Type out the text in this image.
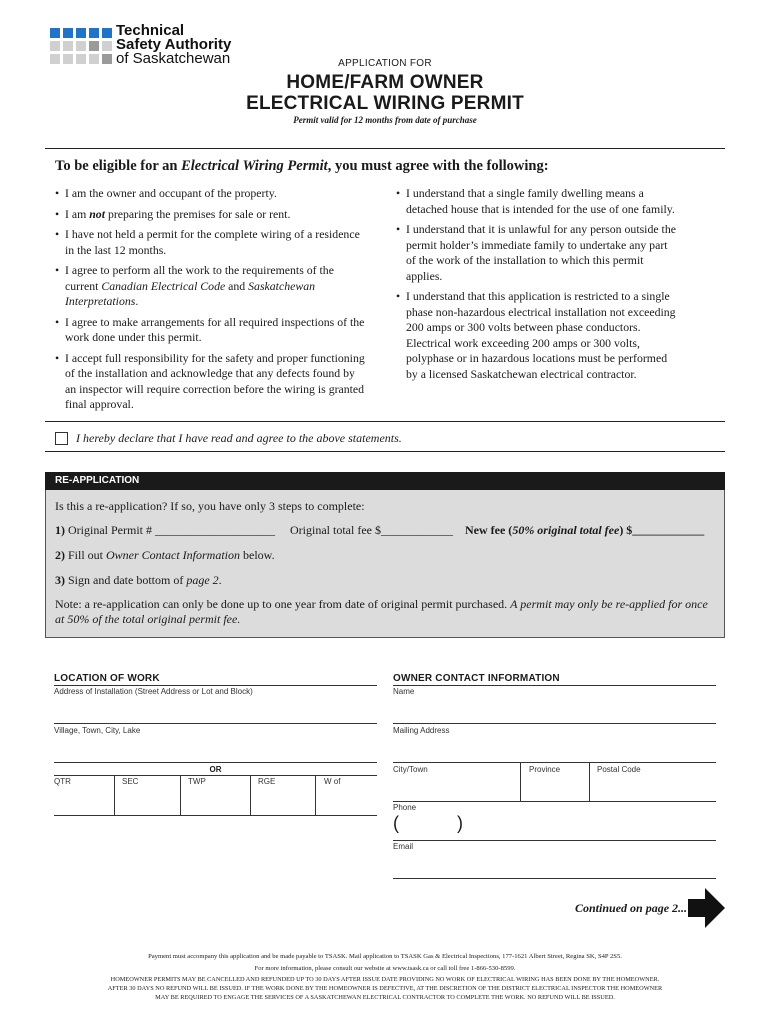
Technical
Safety Authority
of Saskatchewan	APPLICATION FOR
HOME/FARM OWNER
ELECTRICAL WIRING PERMIT
Permit valid for 12 months from date of purchase
To be eligible for an Electrical Wiring Permit, you must agree with the following:
• I am the owner and occupant of the property.
• I am not preparing the premises for sale or rent.
• I have not held a permit for the complete wiring of a residence in the last 12 months.
• I agree to perform all the work to the requirements of the current Canadian Electrical Code and Saskatchewan Interpretations.
• I agree to make arrangements for all required inspections of the work done under this permit.
• I accept full responsibility for the safety and proper functioning of the installation and acknowledge that any defects found by an inspector will require correction before the wiring is granted final approval.
• I understand that a single family dwelling means a detached house that is intended for the use of one family.
• I understand that it is unlawful for any person outside the permit holder’s immediate family to undertake any part of the work of the installation to which this permit applies.
• I understand that this application is restricted to a single phase non-hazardous electrical installation not exceeding 200 amps or 300 volts between phase conductors. Electrical work exceeding 200 amps or 300 volts, polyphase or in hazardous locations must be performed by a licensed Saskatchewan electrical contractor.
I hereby declare that I have read and agree to the above statements.
RE-APPLICATION
Is this a re-application? If so, you have only 3 steps to complete:
1) Original Permit # ____________________ Original total fee $____________ New fee (50% original total fee) $____________
2) Fill out Owner Contact Information below.
3) Sign and date bottom of page 2.
Note: a re-application can only be done up to one year from date of original permit purchased. A permit may only be re-applied for once at 50% of the total original permit fee.
LOCATION OF WORK
Address of Installation (Street Address or Lot and Block)
Village, Town, City, Lake
OR
QTR	SEC	TWP	RGE	W of
OWNER CONTACT INFORMATION
Name
Mailing Address
City/Town	Province	Postal Code
Phone
(	)
Email
Continued on page 2...
Payment must accompany this application and be made payable to TSASK. Mail application to TSASK Gas & Electrical Inspections, 177-1621 Albert Street, Regina SK, S4P 2S5.
For more information, please consult our website at www.tsask.ca or call toll free 1-866-530-8599.
HOMEOWNER PERMITS MAY BE CANCELLED AND REFUNDED UP TO 30 DAYS AFTER ISSUE DATE PROVIDING NO WORK OF ELECTRICAL WIRING HAS BEEN DONE BY THE HOMEOWNER.
AFTER 30 DAYS NO REFUND WILL BE ISSUED. IF THE WORK DONE BY THE HOMEOWNER IS DEFECTIVE, AT THE DISCRETION OF THE DISTRICT ELECTRICAL INSPECTOR THE HOMEOWNER
MAY BE REQUIRED TO ENGAGE THE SERVICES OF A SASKATCHEWAN ELECTRICAL CONTRACTOR TO COMPLETE THE WORK. NO REFUND WILL BE ISSUED.
